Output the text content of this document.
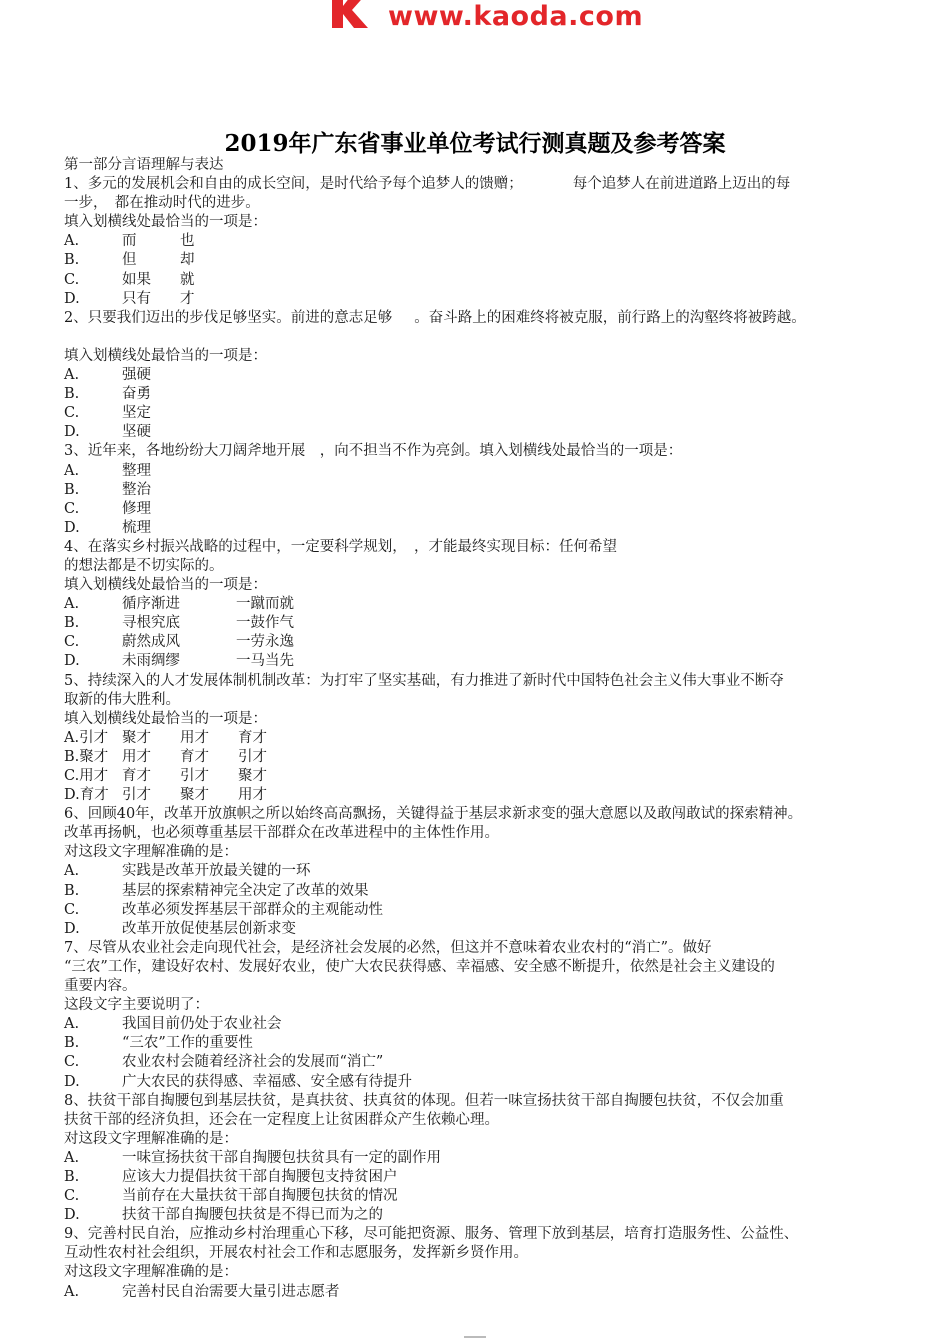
www.kaoda.com
2019年广东省事业单位考试行测真题及参考答案
第一部分言语理解与表达
1、多元的发展机会和自由的成长空间，是时代给予每个追梦人的馈赠；	每个追梦人在前进道路上迈出的每
一步，　都在推动时代的进步。
填入划横线处最恰当的一项是：
A.	而	也
B.	但	却
C.	如果 就
D.	只有 才
2、只要我们迈出的步伐足够坚实。前进的意志足够 。奋斗路上的困难终将被克服，前行路上的沟壑终将被跨越。
填入划横线处最恰当的一项是：
A.	强硬
B.	奋勇
C.	坚定
D.	坚硬
3、近年来，各地纷纷大刀阔斧地开展　，向不担当不作为亮剑。填入划横线处最恰当的一项是：
A.	整理
B.	整治
C.	修理
D.	梳理
4、在落实乡村振兴战略的过程中，一定要科学规划，　，才能最终实现目标：任何希望
的想法都是不切实际的。
填入划横线处最恰当的一项是：
A.	循序渐进	一蹴而就
B.	寻根究底	一鼓作气
C.	蔚然成风	一劳永逸
D.	未雨绸缪	一马当先
5、持续深入的人才发展体制机制改革：为打牢了坚实基础，有力推进了新时代中国特色社会主义伟大事业不断夺
取新的伟大胜利。
填入划横线处最恰当的一项是：
A.引才 聚才 用才 育才
B.聚才 用才 育才 引才
C.用才 育才 引才 聚才
D.育才 引才 聚才 用才
6、回顾40年，改革开放旗帜之所以始终高高飘扬，关键得益于基层求新求变的强大意愿以及敢闯敢试的探索精神。
改革再扬帆，也必须尊重基层干部群众在改革进程中的主体性作用。
对这段文字理解准确的是：
A.	实践是改革开放最关键的一环
B.	基层的探索精神完全决定了改革的效果
C.	改革必须发挥基层干部群众的主观能动性
D.	改革开放促使基层创新求变
7、尽管从农业社会走向现代社会，是经济社会发展的必然，但这并不意味着农业农村的“消亡”。做好
“三农”工作，建设好农村、发展好农业，使广大农民获得感、幸福感、安全感不断提升，依然是社会主义建设的
重要内容。
这段文字主要说明了：
A.	我国目前仍处于农业社会
B.	“三农”工作的重要性
C.	农业农村会随着经济社会的发展而“消亡”
D.	广大农民的获得感、幸福感、安全感有待提升
8、扶贫干部自掏腰包到基层扶贫，是真扶贫、扶真贫的体现。但若一味宣扬扶贫干部自掏腰包扶贫，不仅会加重
扶贫干部的经济负担，还会在一定程度上让贫困群众产生依赖心理。
对这段文字理解准确的是：
A.	一味宣扬扶贫干部自掏腰包扶贫具有一定的副作用
B.	应该大力提倡扶贫干部自掏腰包支持贫困户
C.	当前存在大量扶贫干部自掏腰包扶贫的情况
D.	扶贫干部自掏腰包扶贫是不得已而为之的
9、完善村民自治，应推动乡村治理重心下移，尽可能把资源、服务、管理下放到基层，培育打造服务性、公益性、
互动性农村社会组织，开展农村社会工作和志愿服务，发挥新乡贤作用。
对这段文字理解准确的是：
A.	完善村民自治需要大量引进志愿者
